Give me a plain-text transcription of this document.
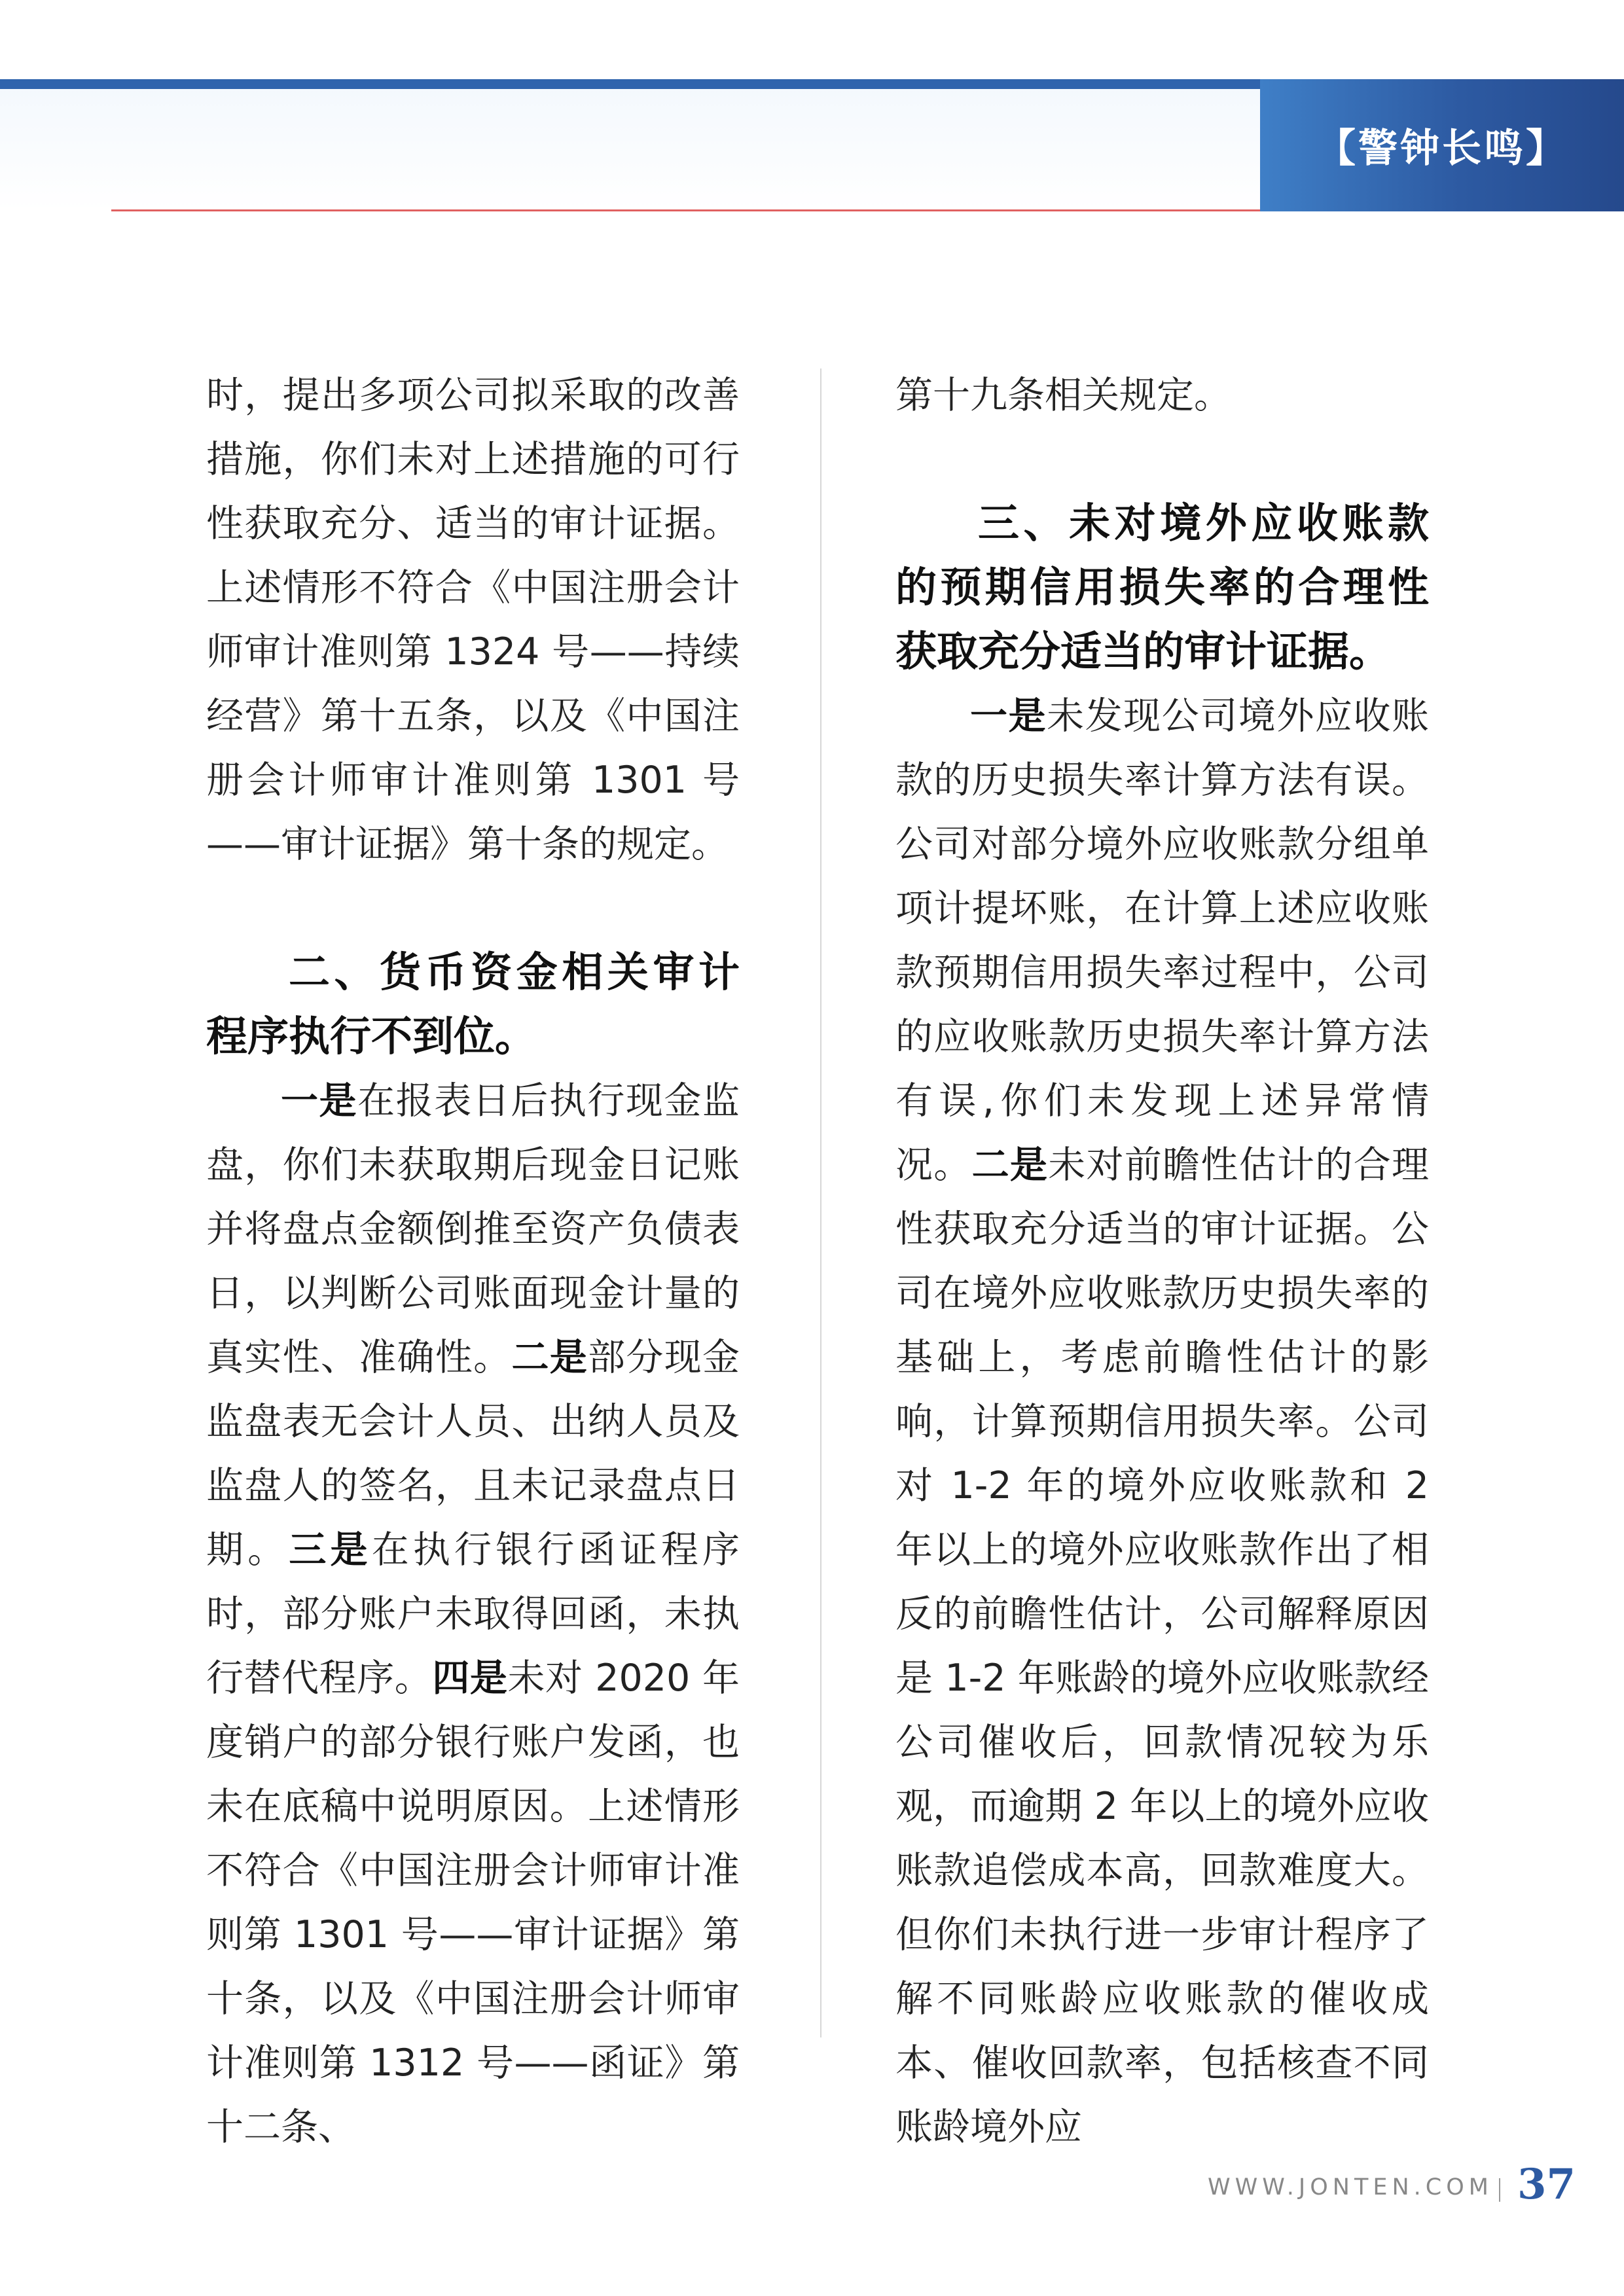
【警钟长鸣】

时，提出多项公司拟采取的改善措施，你们未对上述措施的可行性获取充分、适当的审计证据。上述情形不符合《中国注册会计师审计准则第 1324 号——持续经营》第十五条，以及《中国注册会计师审计准则第 1301 号——审计证据》第十条的规定。

二、货币资金相关审计程序执行不到位。

一是在报表日后执行现金监盘，你们未获取期后现金日记账并将盘点金额倒推至资产负债表日，以判断公司账面现金计量的真实性、准确性。二是部分现金监盘表无会计人员、出纳人员及监盘人的签名，且未记录盘点日期。三是在执行银行函证程序时，部分账户未取得回函，未执行替代程序。四是未对 2020 年度销户的部分银行账户发函，也未在底稿中说明原因。上述情形不符合《中国注册会计师审计准则第 1301 号——审计证据》第十条，以及《中国注册会计师审计准则第 1312 号——函证》第十二条、

第十九条相关规定。

三、未对境外应收账款的预期信用损失率的合理性获取充分适当的审计证据。

一是未发现公司境外应收账款的历史损失率计算方法有误。公司对部分境外应收账款分组单项计提坏账，在计算上述应收账款预期信用损失率过程中，公司的应收账款历史损失率计算方法有误,你们未发现上述异常情况。二是未对前瞻性估计的合理性获取充分适当的审计证据。公司在境外应收账款历史损失率的基础上，考虑前瞻性估计的影响，计算预期信用损失率。公司对 1-2 年的境外应收账款和 2 年以上的境外应收账款作出了相反的前瞻性估计，公司解释原因是 1-2 年账龄的境外应收账款经公司催收后，回款情况较为乐观，而逾期 2 年以上的境外应收账款追偿成本高，回款难度大。但你们未执行进一步审计程序了解不同账龄应收账款的催收成本、催收回款率，包括核查不同账龄境外应

WWW.JONTEN.COM 37
